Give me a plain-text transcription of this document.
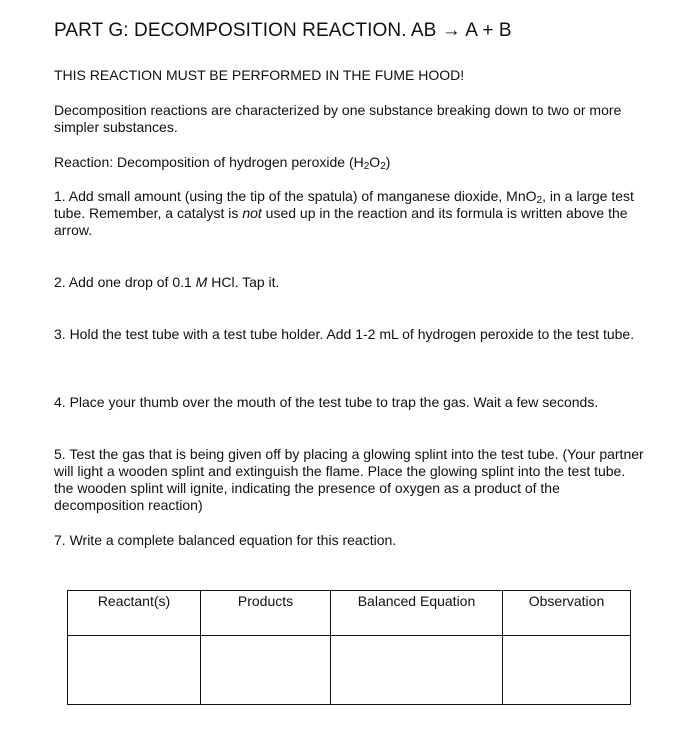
PART G: DECOMPOSITION REACTION. AB → A + B
THIS REACTION MUST BE PERFORMED IN THE FUME HOOD!
Decomposition reactions are characterized by one substance breaking down to two or more simpler substances.
Reaction: Decomposition of hydrogen peroxide $(H_2O_2)$
1. Add small amount (using the tip of the spatula) of manganese dioxide, MnO$_2$, in a large test tube. Remember, a catalyst is not used up in the reaction and its formula is written above the arrow.
2. Add one drop of 0.1 M HCl. Tap it.
3. Hold the test tube with a test tube holder. Add 1-2 mL of hydrogen peroxide to the test tube.
4. Place your thumb over the mouth of the test tube to trap the gas. Wait a few seconds.
5. Test the gas that is being given off by placing a glowing splint into the test tube. (Your partner will light a wooden splint and extinguish the flame. Place the glowing splint into the test tube. the wooden splint will ignite, indicating the presence of oxygen as a product of the decomposition reaction)
7. Write a complete balanced equation for this reaction.
Reactant(s)	Products	Balanced Equation	Observation
